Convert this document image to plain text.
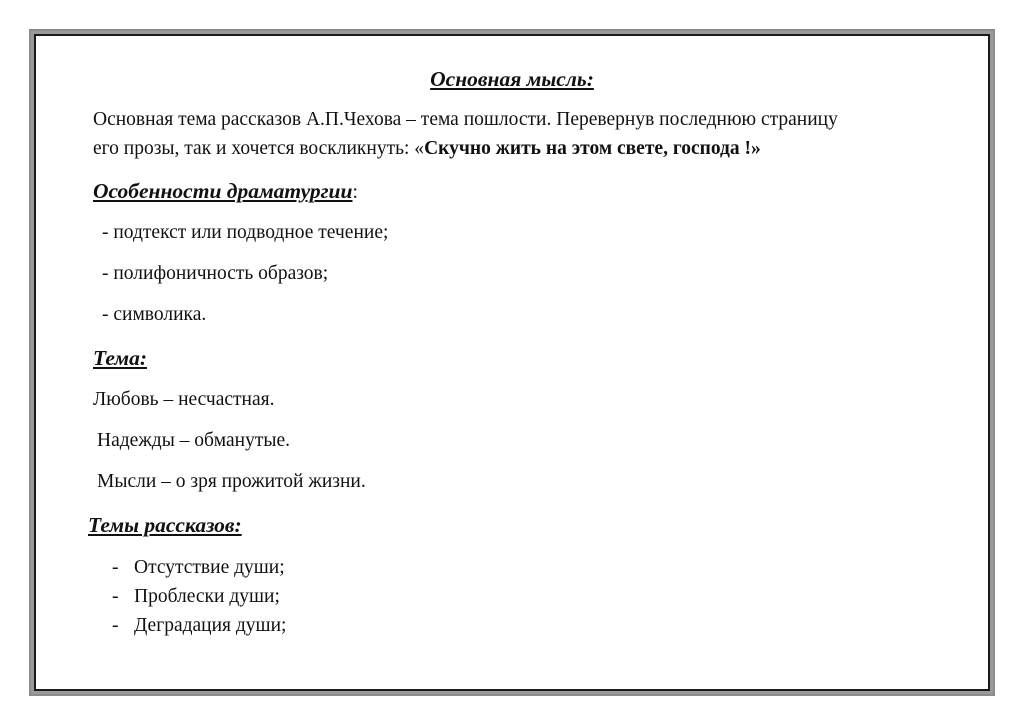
Основная мысль:
Основная тема рассказов А.П.Чехова – тема пошлости. Перевернув последнюю страницу
его прозы, так и хочется воскликнуть: «Скучно жить на этом свете, господа !»
Особенности драматургии:
- подтекст или подводное течение;
- полифоничность образов;
- символика.
Тема:
Любовь – несчастная.
Надежды – обманутые.
Мысли – о зря прожитой жизни.
Темы рассказов:
- Отсутствие души;
- Проблески души;
- Деградация души;
